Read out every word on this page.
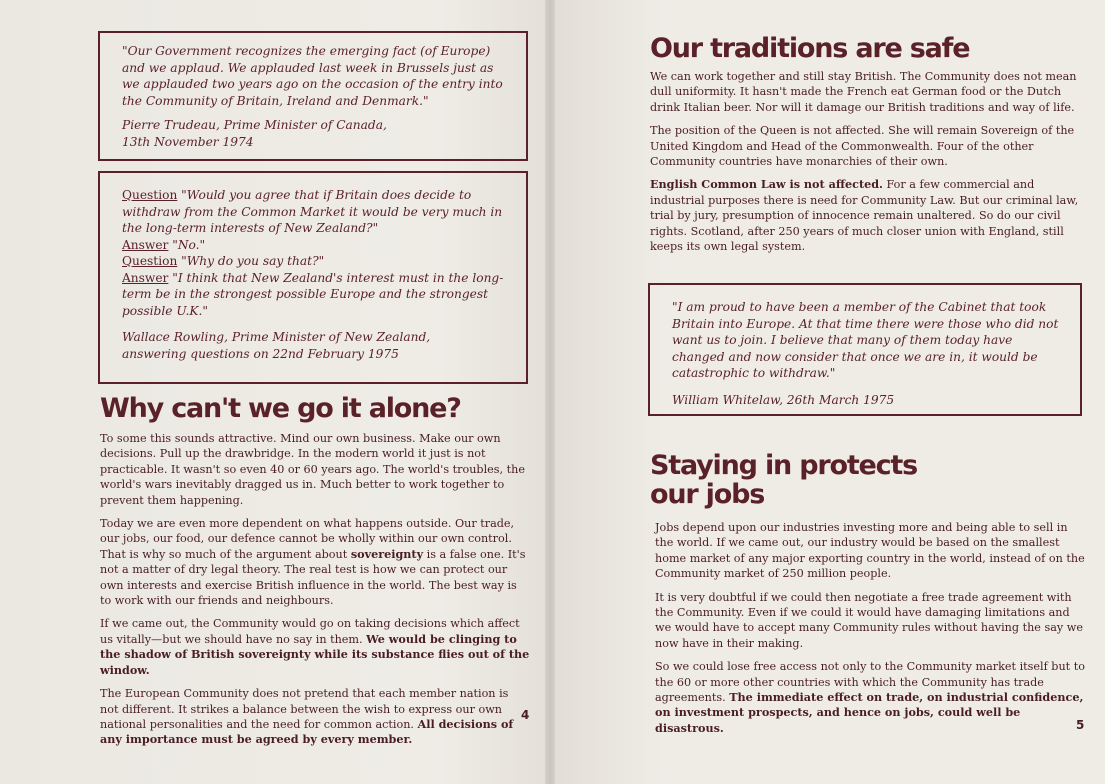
"Our Government recognizes the emerging fact (of Europe) and we applaud. We applauded last week in Brussels just as we applauded two years ago on the occasion of the entry into the Community of Britain, Ireland and Denmark."

Pierre Trudeau, Prime Minister of Canada,

13th November 1974

Question "Would you agree that if Britain does decide to withdraw from the Common Market it would be very much in the long-term interests of New Zealand?"

Answer "No."

Question "Why do you say that?"

Answer "I think that New Zealand's interest must in the long-term be in the strongest possible Europe and the strongest possible U.K."

Wallace Rowling, Prime Minister of New Zealand,

answering questions on 22nd February 1975

Why can't we go it alone?

To some this sounds attractive. Mind our own business. Make our own decisions. Pull up the drawbridge. In the modern world it just is not practicable. It wasn't so even 40 or 60 years ago. The world's troubles, the world's wars inevitably dragged us in. Much better to work together to prevent them happening.

Today we are even more dependent on what happens outside. Our trade, our jobs, our food, our defence cannot be wholly within our own control. That is why so much of the argument about sovereignty is a false one. It's not a matter of dry legal theory. The real test is how we can protect our own interests and exercise British influence in the world. The best way is to work with our friends and neighbours.

If we came out, the Community would go on taking decisions which affect us vitally—but we should have no say in them. We would be clinging to the shadow of British sovereignty while its substance flies out of the window.

The European Community does not pretend that each member nation is not different. It strikes a balance between the wish to express our own national personalities and the need for common action. All decisions of any importance must be agreed by every member.

4
Our traditions are safe

We can work together and still stay British. The Community does not mean dull uniformity. It hasn't made the French eat German food or the Dutch drink Italian beer. Nor will it damage our British traditions and way of life.

The position of the Queen is not affected. She will remain Sovereign of the United Kingdom and Head of the Commonwealth. Four of the other Community countries have monarchies of their own.

English Common Law is not affected. For a few commercial and industrial purposes there is need for Community Law. But our criminal law, trial by jury, presumption of innocence remain unaltered. So do our civil rights. Scotland, after 250 years of much closer union with England, still keeps its own legal system.

"I am proud to have been a member of the Cabinet that took Britain into Europe. At that time there were those who did not want us to join. I believe that many of them today have changed and now consider that once we are in, it would be catastrophic to withdraw."

William Whitelaw, 26th March 1975

Staying in protects
our jobs

Jobs depend upon our industries investing more and being able to sell in the world. If we came out, our industry would be based on the smallest home market of any major exporting country in the world, instead of on the Community market of 250 million people.

It is very doubtful if we could then negotiate a free trade agreement with the Community. Even if we could it would have damaging limitations and we would have to accept many Community rules without having the say we now have in their making.

So we could lose free access not only to the Community market itself but to the 60 or more other countries with which the Community has trade agreements. The immediate effect on trade, on industrial confidence, on investment prospects, and hence on jobs, could well be disastrous.	5
